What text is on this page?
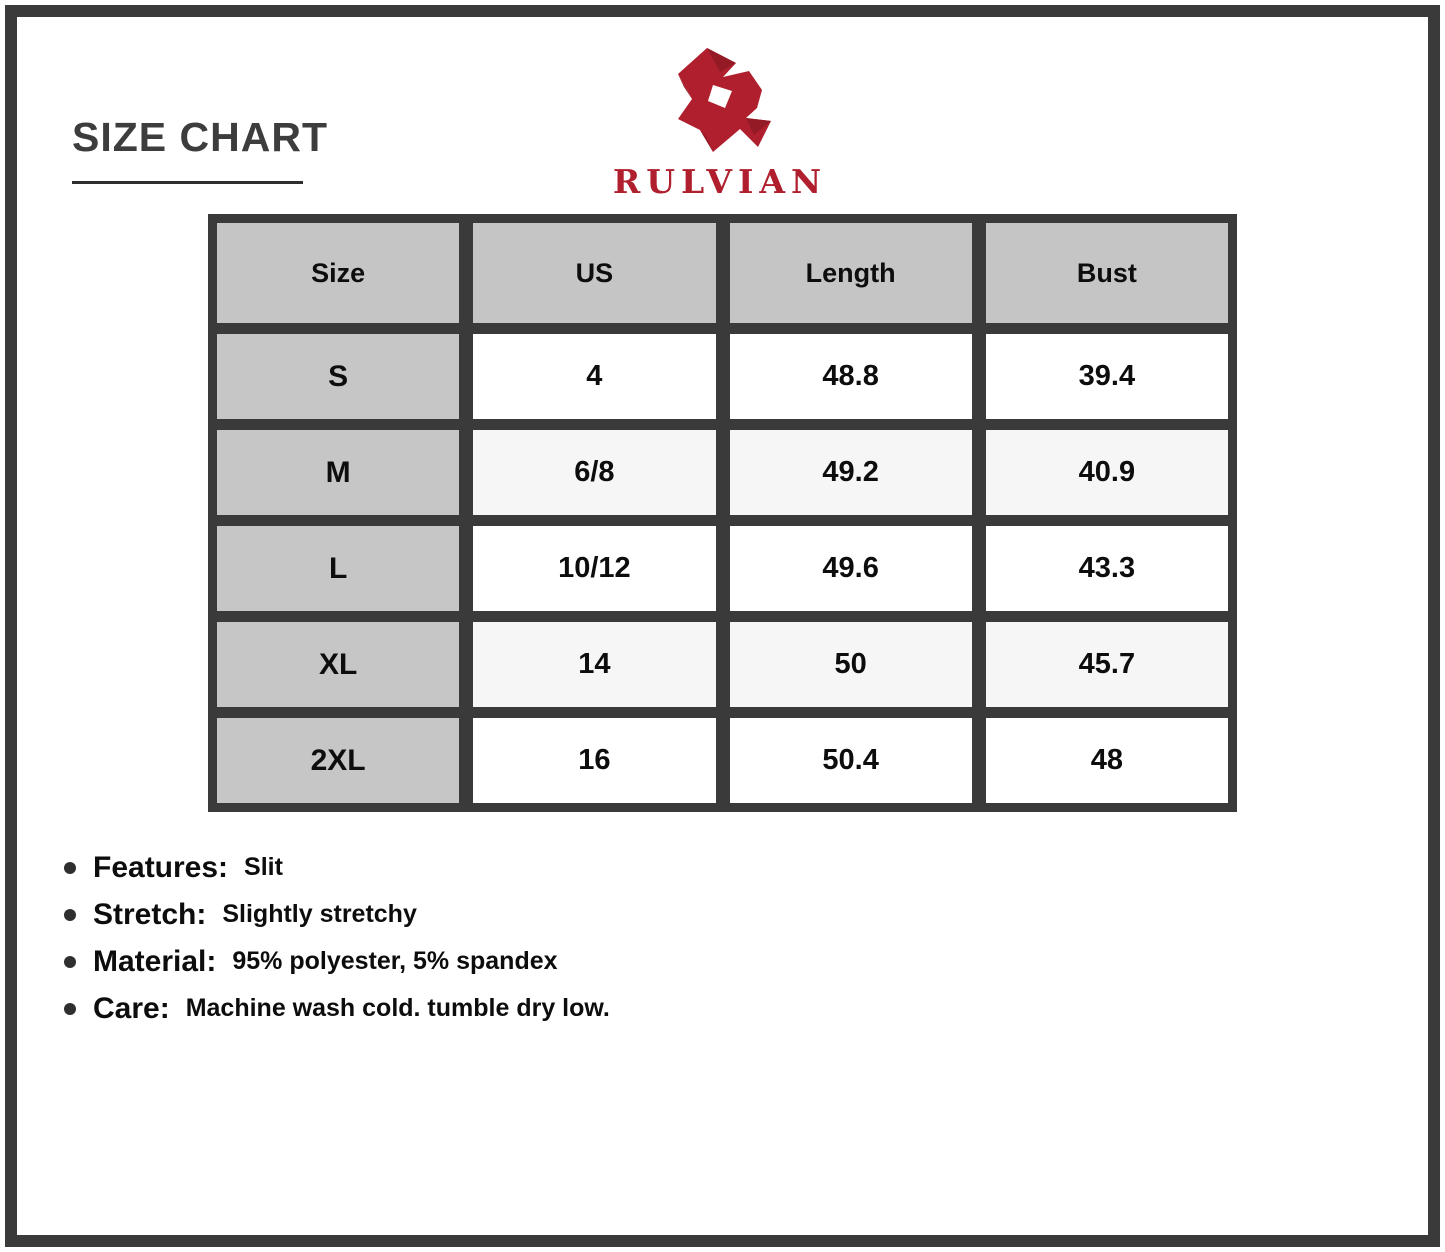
SIZE CHART
RULVIAN
Size	US	Length	Bust
S	4	48.8	39.4
M	6/8	49.2	40.9
L	10/12	49.6	43.3
XL	14	50	45.7
2XL	16	50.4	48
Features: Slit
Stretch: Slightly stretchy
Material: 95% polyester, 5% spandex
Care: Machine wash cold. tumble dry low.
